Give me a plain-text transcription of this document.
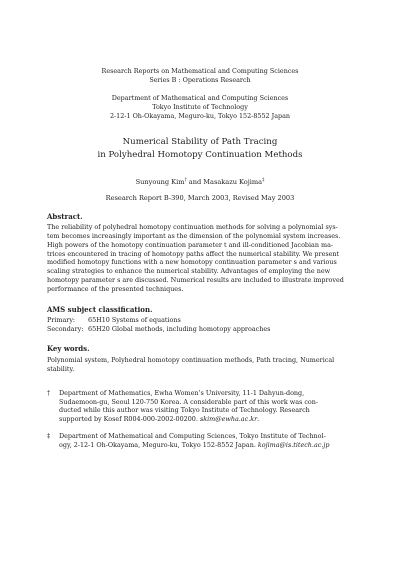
Research Reports on Mathematical and Computing Sciences
Series B : Operations Research
Department of Mathematical and Computing Sciences
Tokyo Institute of Technology
2-12-1 Oh-Okayama, Meguro-ku, Tokyo 152-8552 Japan
Numerical Stability of Path Tracing
in Polyhedral Homotopy Continuation Methods
Sunyoung Kim† and Masakazu Kojima‡
Research Report B-390, March 2003, Revised May 2003
Abstract.
The reliability of polyhedral homotopy continuation methods for solving a polynomial sys-
tem becomes increasingly important as the dimension of the polynomial system increases.
High powers of the homotopy continuation parameter t and ill-conditioned Jacobian ma-
trices encountered in tracing of homotopy paths affect the numerical stability. We present
modified homotopy functions with a new homotopy continuation parameter s and various
scaling strategies to enhance the numerical stability. Advantages of employing the new
homotopy parameter s are discussed. Numerical results are included to illustrate improved
performance of the presented techniques.
AMS subject classification.
Primary: 65H10 Systems of equations
Secondary: 65H20 Global methods, including homotopy approaches
Key words.
Polynomial system, Polyhedral homotopy continuation methods, Path tracing, Numerical
stability.
† Department of Mathematics, Ewha Women’s University, 11-1 Dahyun-dong,
Sudaemoon-gu, Seoul 120-750 Korea. A considerable part of this work was con-
ducted while this author was visiting Tokyo Institute of Technology. Research
supported by Kosef R004-000-2002-00200. skim@ewha.ac.kr.
‡ Department of Mathematical and Computing Sciences, Tokyo Institute of Technol-
ogy, 2-12-1 Oh-Okayama, Meguro-ku, Tokyo 152-8552 Japan. kojima@is.titech.ac.jp
